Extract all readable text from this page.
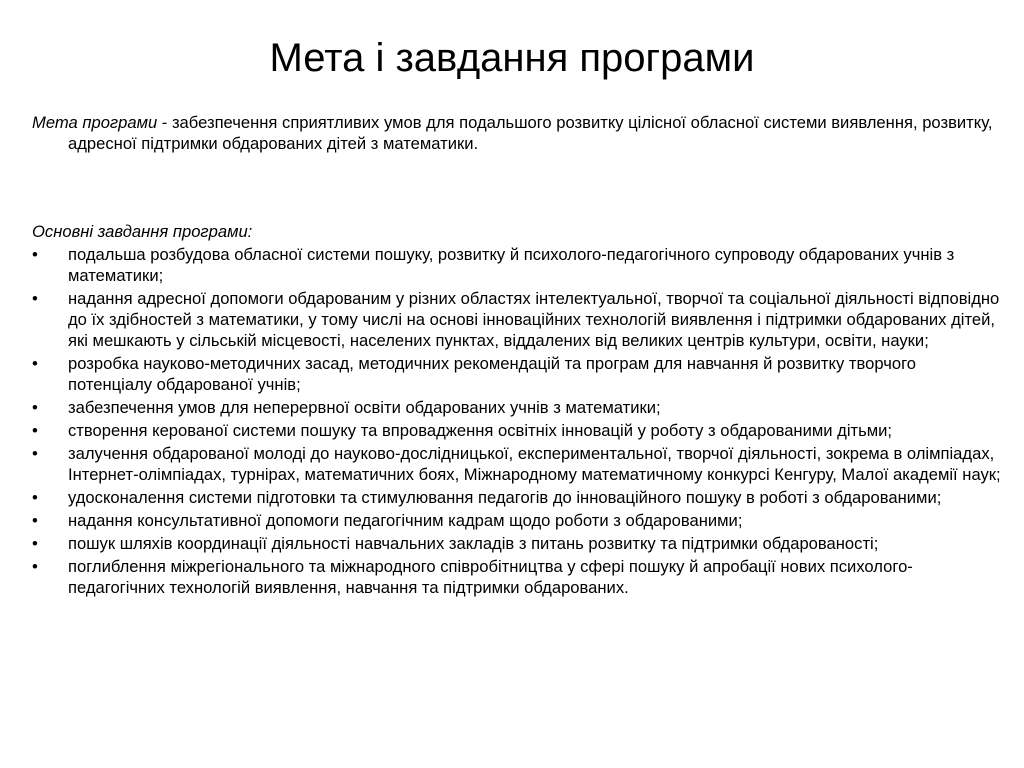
Мета і завдання програми

Мета програми - забезпечення сприятливих умов для подальшого розвитку цілісної обласної системи виявлення, розвитку, адресної підтримки обдарованих дітей з математики.

Основні завдання програми:

•	подальша розбудова обласної системи пошуку, розвитку й психолого-педагогічного супроводу обдарованих учнів з математики;
•	надання адресної допомоги обдарованим у різних областях інтелектуальної, творчої та соціальної діяльності відповідно до їх здібностей з математики, у тому числі на основі інноваційних технологій виявлення і підтримки обдарованих дітей, які мешкають у сільській місцевості, населених пунктах, віддалених від великих центрів культури, освіти, науки;
•	розробка науково-методичних засад, методичних рекомендацій та програм для навчання й розвитку творчого потенціалу обдарованої учнів;
•	забезпечення умов для неперервної освіти обдарованих учнів з математики;
•	створення керованої системи пошуку та впровадження освітніх інновацій у роботу з обдарованими дітьми;
•	залучення обдарованої молоді до науково-дослідницької, експериментальної, творчої діяльності, зокрема в олімпіадах, Інтернет-олімпіадах, турнірах, математичних боях, Міжнародному математичному конкурсі Кенгуру, Малої академії наук;
•	удосконалення системи підготовки та стимулювання педагогів до інноваційного пошуку в роботі з обдарованими;
•	надання консультативної допомоги педагогічним кадрам щодо роботи з обдарованими;
•	пошук шляхів координації діяльності навчальних закладів з питань розвитку та підтримки обдарованості;
•	поглиблення міжрегіонального та міжнародного співробітництва у сфері пошуку й апробації нових психолого-педагогічних технологій виявлення, навчання та підтримки обдарованих.
